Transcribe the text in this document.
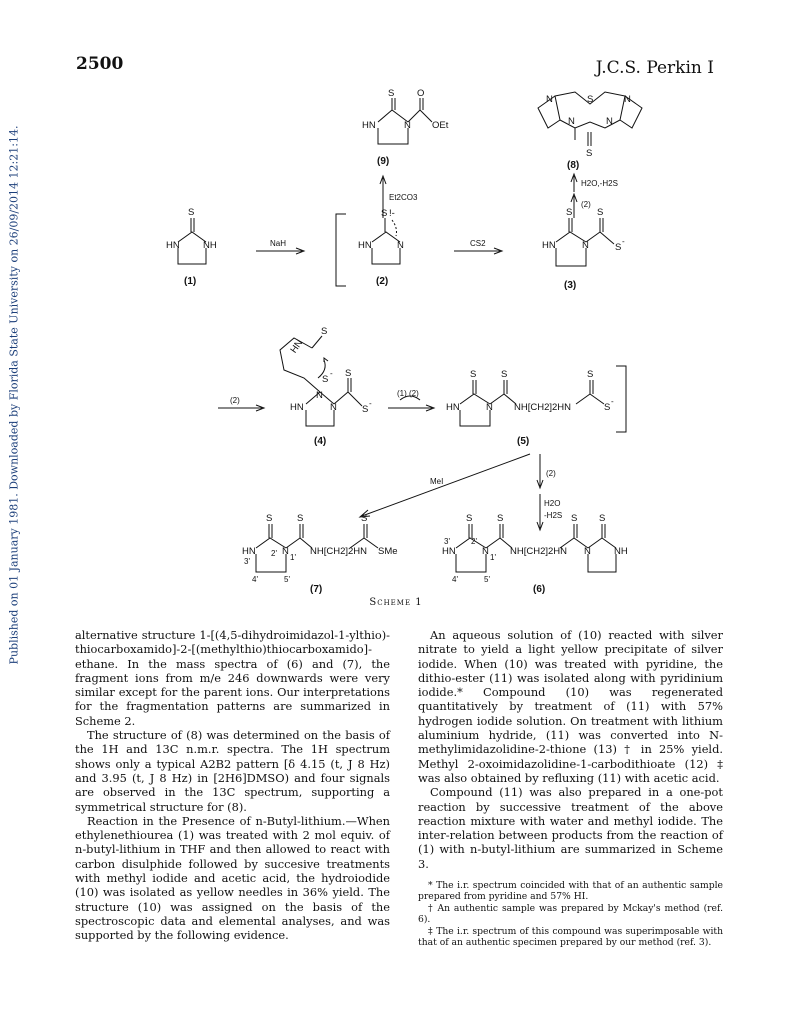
2500	J.C.S. Perkin I
Published on 01 January 1981. Downloaded by Florida State University on 26/09/2014 12:21:14.
S O
HN	N OEt
N	S	N
N	N
S
S
HN NH
S !-
HN	N
S	S
HN	N	S
-
HN
S
S
-
N
S
HN	N	S
-
S	S	S
HN	N NH[CH2]2HN	S
-
S	S	S
HN	N
2' 1'
3'
NH[CH2]2HN SMe
4'	5'
S	S	S S
HN	N
2'
1'
3'
NH[CH2]2HN N NH
4'	5'
Et2CO3
H2O,-H2S
(2)
NaH	CS2
(2)
(1) (2)
MeI
(2)
H2O
-H2S
(9)	(8)
(1)	(2)	(3)
(4)	(5)
(7)	(6)
Scheme 1

alternative structure 1-[(4,5-dihydroimidazol-1-ylthio)-thiocarboxamido]-2-[(methylthio)thiocarboxamido]-ethane. In the mass spectra of (6) and (7), the fragment ions from m/e 246 downwards were very similar except for the parent ions. Our interpretations for the fragmentation patterns are summarized in Scheme 2.

The structure of (8) was determined on the basis of the 1H and 13C n.m.r. spectra. The 1H spectrum shows only a typical A2B2 pattern [δ 4.15 (t, J 8 Hz) and 3.95 (t, J 8 Hz) in [2H6]DMSO) and four signals are observed in the 13C spectrum, supporting a symmetrical structure for (8).

Reaction in the Presence of n-Butyl-lithium.—When ethylenethiourea (1) was treated with 2 mol equiv. of n-butyl-lithium in THF and then allowed to react with carbon disulphide followed by succesive treatments with methyl iodide and acetic acid, the hydroiodide (10) was isolated as yellow needles in 36% yield. The structure (10) was assigned on the basis of the spectroscopic data and elemental analyses, and was supported by the following evidence.

An aqueous solution of (10) reacted with silver nitrate to yield a light yellow precipitate of silver iodide. When (10) was treated with pyridine, the dithio-ester (11) was isolated along with pyridinium iodide.* Compound (10) was regenerated quantitatively by treatment of (11) with 57% hydrogen iodide solution. On treatment with lithium aluminium hydride, (11) was converted into N-methylimidazolidine-2-thione (13) † in 25% yield. Methyl 2-oxoimidazolidine-1-carbodithioate (12) ‡ was also obtained by refluxing (11) with acetic acid.

Compound (11) was also prepared in a one-pot reaction by successive treatment of the above reaction mixture with water and methyl iodide. The inter-relation between products from the reaction of (1) with n-butyl-lithium are summarized in Scheme 3.

* The i.r. spectrum coincided with that of an authentic sample prepared from pyridine and 57% HI.

† An authentic sample was prepared by Mckay's method (ref. 6).

‡ The i.r. spectrum of this compound was superimposable with that of an authentic specimen prepared by our method (ref. 3).
